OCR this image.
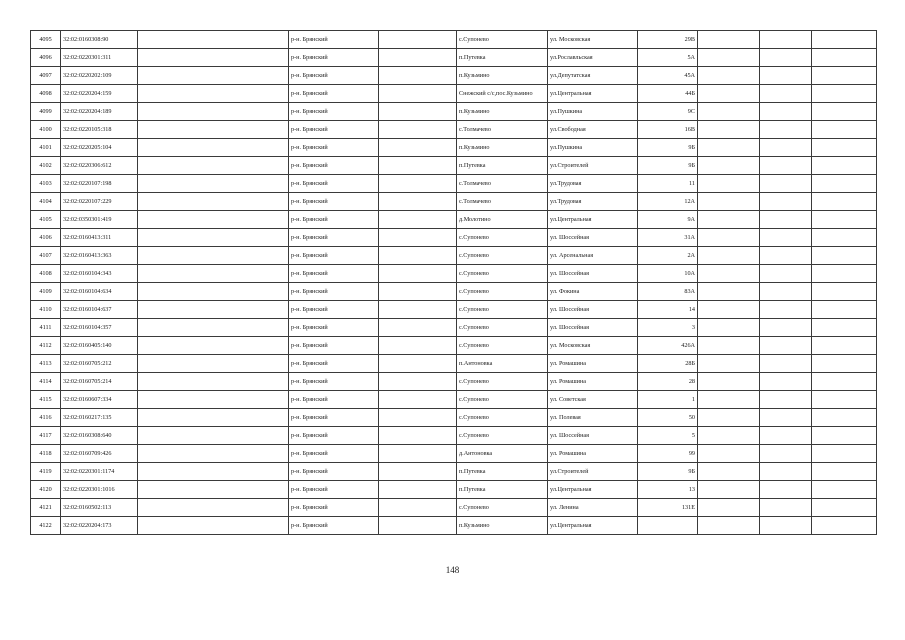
4095	32:02:0160308:90		р-н. Брянский		с.Супонево	ул. Московская	29В			
4096	32:02:0220301:311		р-н. Брянский		п.Путевка	ул.Рославльская	5А			
4097	32:02:0220202:109		р-н. Брянский		п.Кузьмино	ул.Депутатская	45А			
4098	32:02:0220204:159		р-н. Брянский		Снежский с/с,пос.Кузьмино	ул.Центральная	44Б			
4099	32:02:0220204:189		р-н. Брянский		п.Кузьмино	ул.Пушкина	9С			
4100	32:02:0220105:318		р-н. Брянский		с.Толмачево	ул.Свободная	16В			
4101	32:02:0220205:104		р-н. Брянский		п.Кузьмино	ул.Пушкина	9Б			
4102	32:02:0220306:612		р-н. Брянский		п.Путевка	ул.Строителей	9Б			
4103	32:02:0220107:198		р-н. Брянский		с.Толмачево	ул.Трудовая	11			
4104	32:02:0220107:229		р-н. Брянский		с.Толмачево	ул.Трудовая	12А			
4105	32:02:0350301:419		р-н. Брянский		д.Молотино	ул.Центральная	9А			
4106	32:02:0160413:311		р-н. Брянский		с.Супонево	ул. Шоссейная	31А			
4107	32:02:0160413:363		р-н. Брянский		с.Супонево	ул. Арсенальная	2А			
4108	32:02:0160104:343		р-н. Брянский		с.Супонево	ул. Шоссейная	10А			
4109	32:02:0160104:634		р-н. Брянский		с.Супонево	ул. Фокина	83А			
4110	32:02:0160104:637		р-н. Брянский		с.Супонево	ул. Шоссейная	14			
4111	32:02:0160104:357		р-н. Брянский		с.Супонево	ул. Шоссейная	3			
4112	32:02:0160405:140		р-н. Брянский		с.Супонево	ул. Московская	426А			
4113	32:02:0160705:212		р-н. Брянский		п.Антоновка	ул. Ромашина	28Б			
4114	32:02:0160705:214		р-н. Брянский		с.Супонево	ул. Ромашина	28			
4115	32:02:0160607:334		р-н. Брянский		с.Супонево	ул. Советская	1			
4116	32:02:0160217:135		р-н. Брянский		с.Супонево	ул. Полевая	50			
4117	32:02:0160308:640		р-н. Брянский		с.Супонево	ул. Шоссейная	5			
4118	32:02:0160709:426		р-н. Брянский		д.Антоновка	ул. Ромашина	99			
4119	32:02:0220301:1174		р-н. Брянский		п.Путевка	ул.Строителей	9Б			
4120	32:02:0220301:1016		р-н. Брянский		п.Путевка	ул.Центральная	13			
4121	32:02:0160502:113		р-н. Брянский		с.Супонево	ул. Ленина	131Е			
4122	32:02:0220204:173		р-н. Брянский		п.Кузьмино	ул.Центральная				
148
